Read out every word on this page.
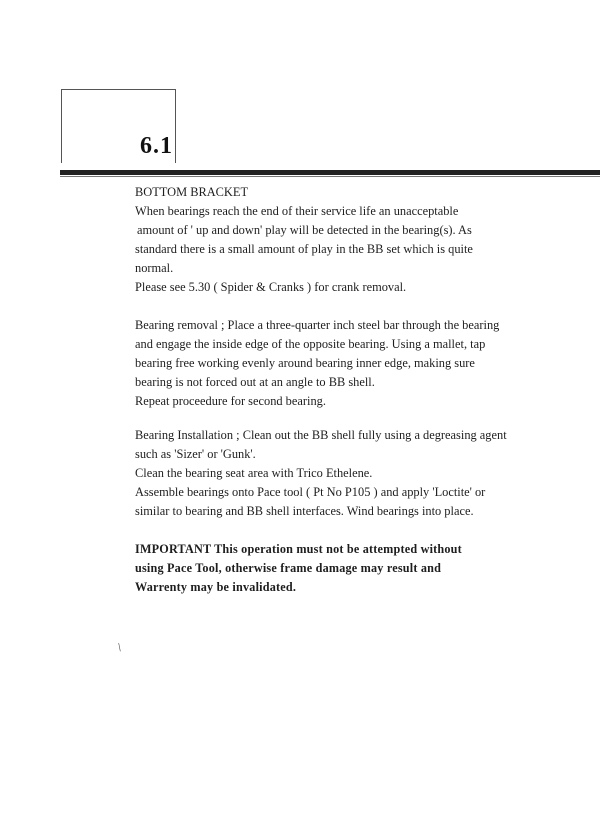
6.1
/

BOTTOM BRACKET

When bearings reach the end of their service life an unacceptable

amount of ' up and down' play will be detected in the bearing(s). As

standard there is a small amount of play in the BB set which is quite

normal.

Please see 5.30 ( Spider & Cranks ) for crank removal.

Bearing removal ; Place a three-quarter inch steel bar through the bearing

and engage the inside edge of the opposite bearing. Using a mallet, tap

bearing free working evenly around bearing inner edge, making sure

bearing is not forced out at an angle to BB shell.

Repeat proceedure for second bearing.

Bearing Installation ; Clean out the BB shell fully using a degreasing agent

such as 'Sizer' or 'Gunk'.

Clean the bearing seat area with Trico Ethelene.

Assemble bearings onto Pace tool ( Pt No P105 ) and apply 'Loctite' or

similar to bearing and BB shell interfaces. Wind bearings into place.

IMPORTANT This operation must not be attempted without

using Pace Tool, otherwise frame damage may result and

Warrenty may be invalidated.
